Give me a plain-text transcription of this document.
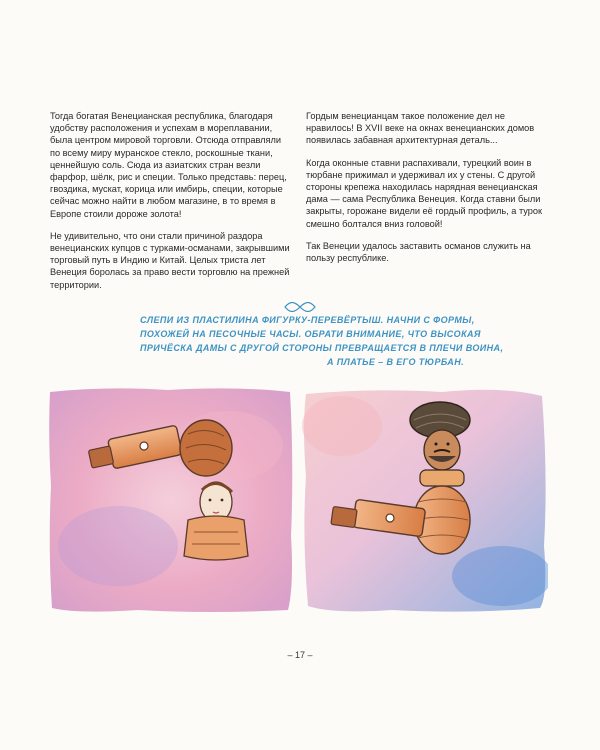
Тогда богатая Венецианская республика, благодаря удобству расположения и успехам в мореплавании, была центром мировой торговли. Отсюда отправляли по всему миру муранское стекло, роскошные ткани, ценнейшую соль. Сюда из азиатских стран везли фарфор, шёлк, рис и специи. Только представь: перец, гвоздика, мускат, корица или имбирь, специи, которые сейчас можно найти в любом магазине, в то время в Европе стоили дороже золота!

Не удивительно, что они стали причиной раздора венецианских купцов с турками-османами, закрывшими торговый путь в Индию и Китай. Целых триста лет Венеция боролась за право вести торговлю на прежней территории.

Гордым венецианцам такое положение дел не нравилось! В XVII веке на окнах венецианских домов появилась забавная архитектурная деталь...

Когда оконные ставни распахивали, турецкий воин в тюрбане прижимал и удерживал их у стены. С другой стороны крепежа находилась нарядная венецианская дама — сама Республика Венеция. Когда ставни были закрыты, горожане видели её гордый профиль, а турок смешно болтался вниз головой!

Так Венеции удалось заставить османов служить на пользу республике.

СЛЕПИ ИЗ ПЛАСТИЛИНА ФИГУРКУ-ПЕРЕВЁРТЫШ. НАЧНИ С ФОРМЫ,
ПОХОЖЕЙ НА ПЕСОЧНЫЕ ЧАСЫ. ОБРАТИ ВНИМАНИЕ, ЧТО ВЫСОКАЯ
ПРИЧЁСКА ДАМЫ С ДРУГОЙ СТОРОНЫ ПРЕВРАЩАЕТСЯ В ПЛЕЧИ ВОИНА,
А ПЛАТЬЕ – В ЕГО ТЮРБАН.
– 17 –
